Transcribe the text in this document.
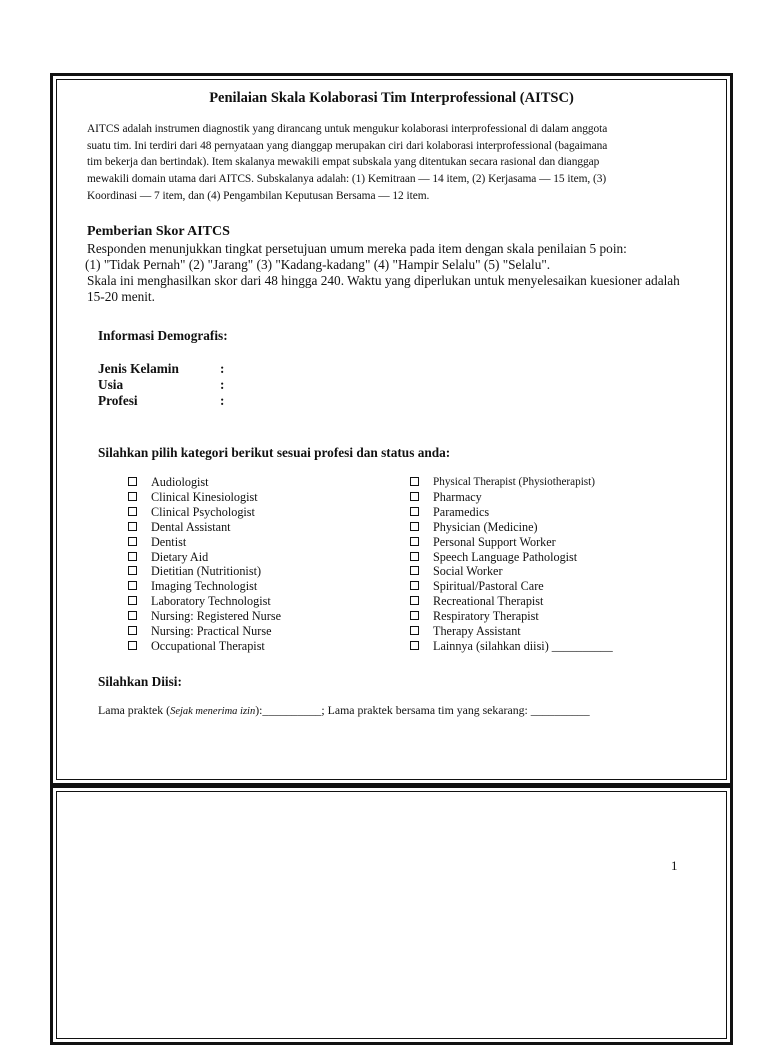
Penilaian Skala Kolaborasi Tim Interprofessional (AITSC)
AITCS adalah instrumen diagnostik yang dirancang untuk mengukur kolaborasi interprofessional di dalam anggota
suatu tim. Ini terdiri dari 48 pernyataan yang dianggap merupakan ciri dari kolaborasi interprofessional (bagaimana
tim bekerja dan bertindak). Item skalanya mewakili empat subskala yang ditentukan secara rasional dan dianggap
mewakili domain utama dari AITCS. Subskalanya adalah: (1) Kemitraan — 14 item, (2) Kerjasama — 15 item, (3)
Koordinasi — 7 item, dan (4) Pengambilan Keputusan Bersama — 12 item.
Pemberian Skor AITCS
Responden menunjukkan tingkat persetujuan umum mereka pada item dengan skala penilaian 5 poin:
(1) "Tidak Pernah" (2) "Jarang" (3) "Kadang-kadang" (4) "Hampir Selalu" (5) "Selalu".
Skala ini menghasilkan skor dari 48 hingga 240. Waktu yang diperlukan untuk menyelesaikan kuesioner adalah
15-20 menit.
Informasi Demografis:
Jenis Kelamin	:
Usia	:
Profesi	:
Silahkan pilih kategori berikut sesuai profesi dan status anda:
Audiologist
Clinical Kinesiologist
Clinical Psychologist
Dental Assistant
Dentist
Dietary Aid
Dietitian (Nutritionist)
Imaging Technologist
Laboratory Technologist
Nursing: Registered Nurse
Nursing: Practical Nurse
Occupational Therapist
Physical Therapist (Physiotherapist)
Pharmacy
Paramedics
Physician (Medicine)
Personal Support Worker
Speech Language Pathologist
Social Worker
Spiritual/Pastoral Care
Recreational Therapist
Respiratory Therapist
Therapy Assistant
Lainnya (silahkan diisi) __________
Silahkan Diisi:
Lama praktek (Sejak menerima izin):__________; Lama praktek bersama tim yang sekarang: __________
1
